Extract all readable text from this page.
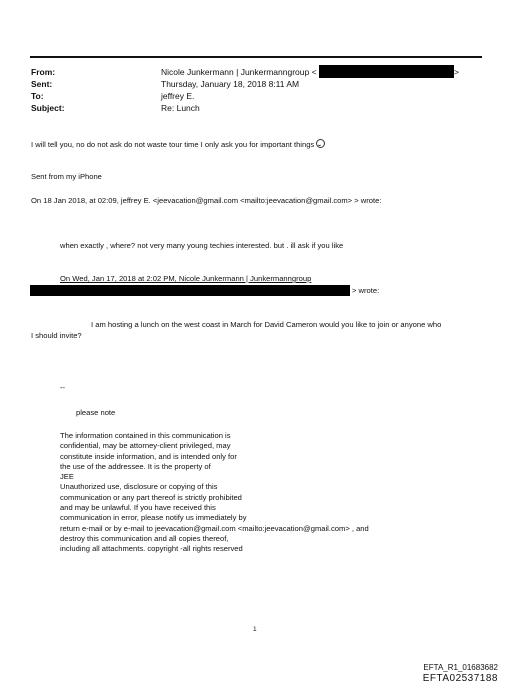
From:	Nicole Junkermann | Junkermanngroup <	>
Sent:	Thursday, January 18, 2018 8:11 AM
To:	jeffrey E.
Subject:	Re: Lunch
I will tell you, no do not ask do not waste tour time I only ask you for important things
Sent from my iPhone
On 18 Jan 2018, at 02:09, jeffrey E. <jeevacation@gmail.com <mailto:jeevacation@gmail.com> > wrote:
when exactly , where? not very many young techies interested. but . ill ask if you like
On Wed, Jan 17, 2018 at 2:02 PM, Nicole Junkermann | Junkermanngroup
> wrote:
I am hosting a lunch on the west coast in March for David Cameron would you like to join or anyone who
I should invite?
--
please note
The information contained in this communication is
confidential, may be attorney-client privileged, may
constitute inside information, and is intended only for
the use of the addressee. It is the property of
JEE
Unauthorized use, disclosure or copying of this
communication or any part thereof is strictly prohibited
and may be unlawful. If you have received this
communication in error, please notify us immediately by
return e-mail or by e-mail to jeevacation@gmail.com <mailto:jeevacation@gmail.com> , and
destroy this communication and all copies thereof,
including all attachments. copyright -all rights reserved
1
EFTA_R1_01683682
EFTA02537188
